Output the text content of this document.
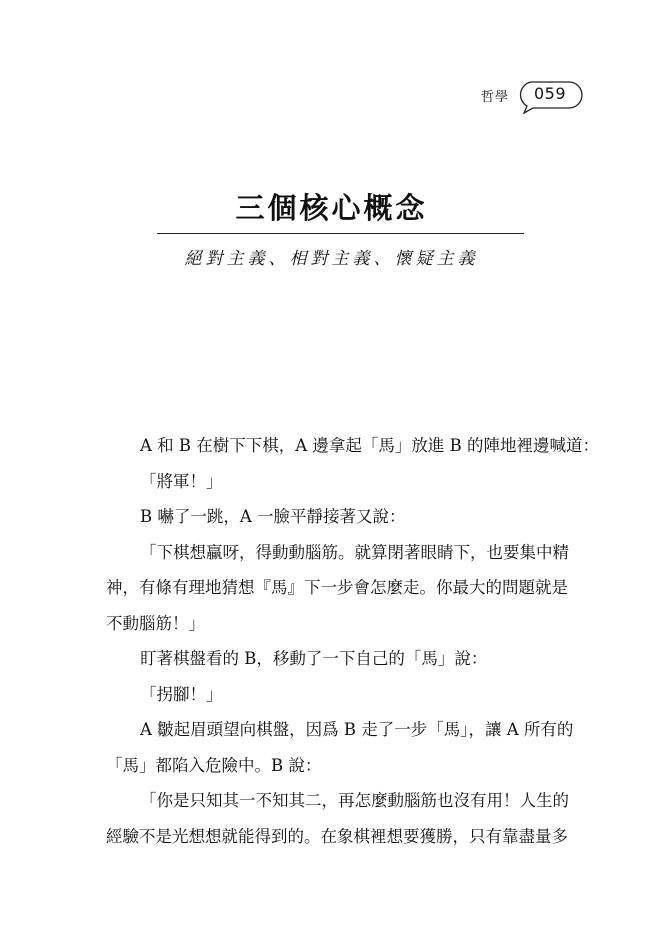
哲學	059
三個核心概念
絕對主義、相對主義、懷疑主義

A 和 B 在樹下下棋，A 邊拿起「馬」放進 B 的陣地裡邊喊道：

「將軍！」

B 嚇了一跳，A 一臉平靜接著又說：

「下棋想贏呀，得動動腦筋。就算閉著眼睛下，也要集中精

神，有條有理地猜想『馬』下一步會怎麼走。你最大的問題就是

不動腦筋！」

盯著棋盤看的 B，移動了一下自己的「馬」說：

「拐腳！」

A 皺起眉頭望向棋盤，因爲 B 走了一步「馬」，讓 A 所有的

「馬」都陷入危險中。B 說：

「你是只知其一不知其二，再怎麼動腦筋也沒有用！人生的

經驗不是光想想就能得到的。在象棋裡想要獲勝，只有靠盡量多
